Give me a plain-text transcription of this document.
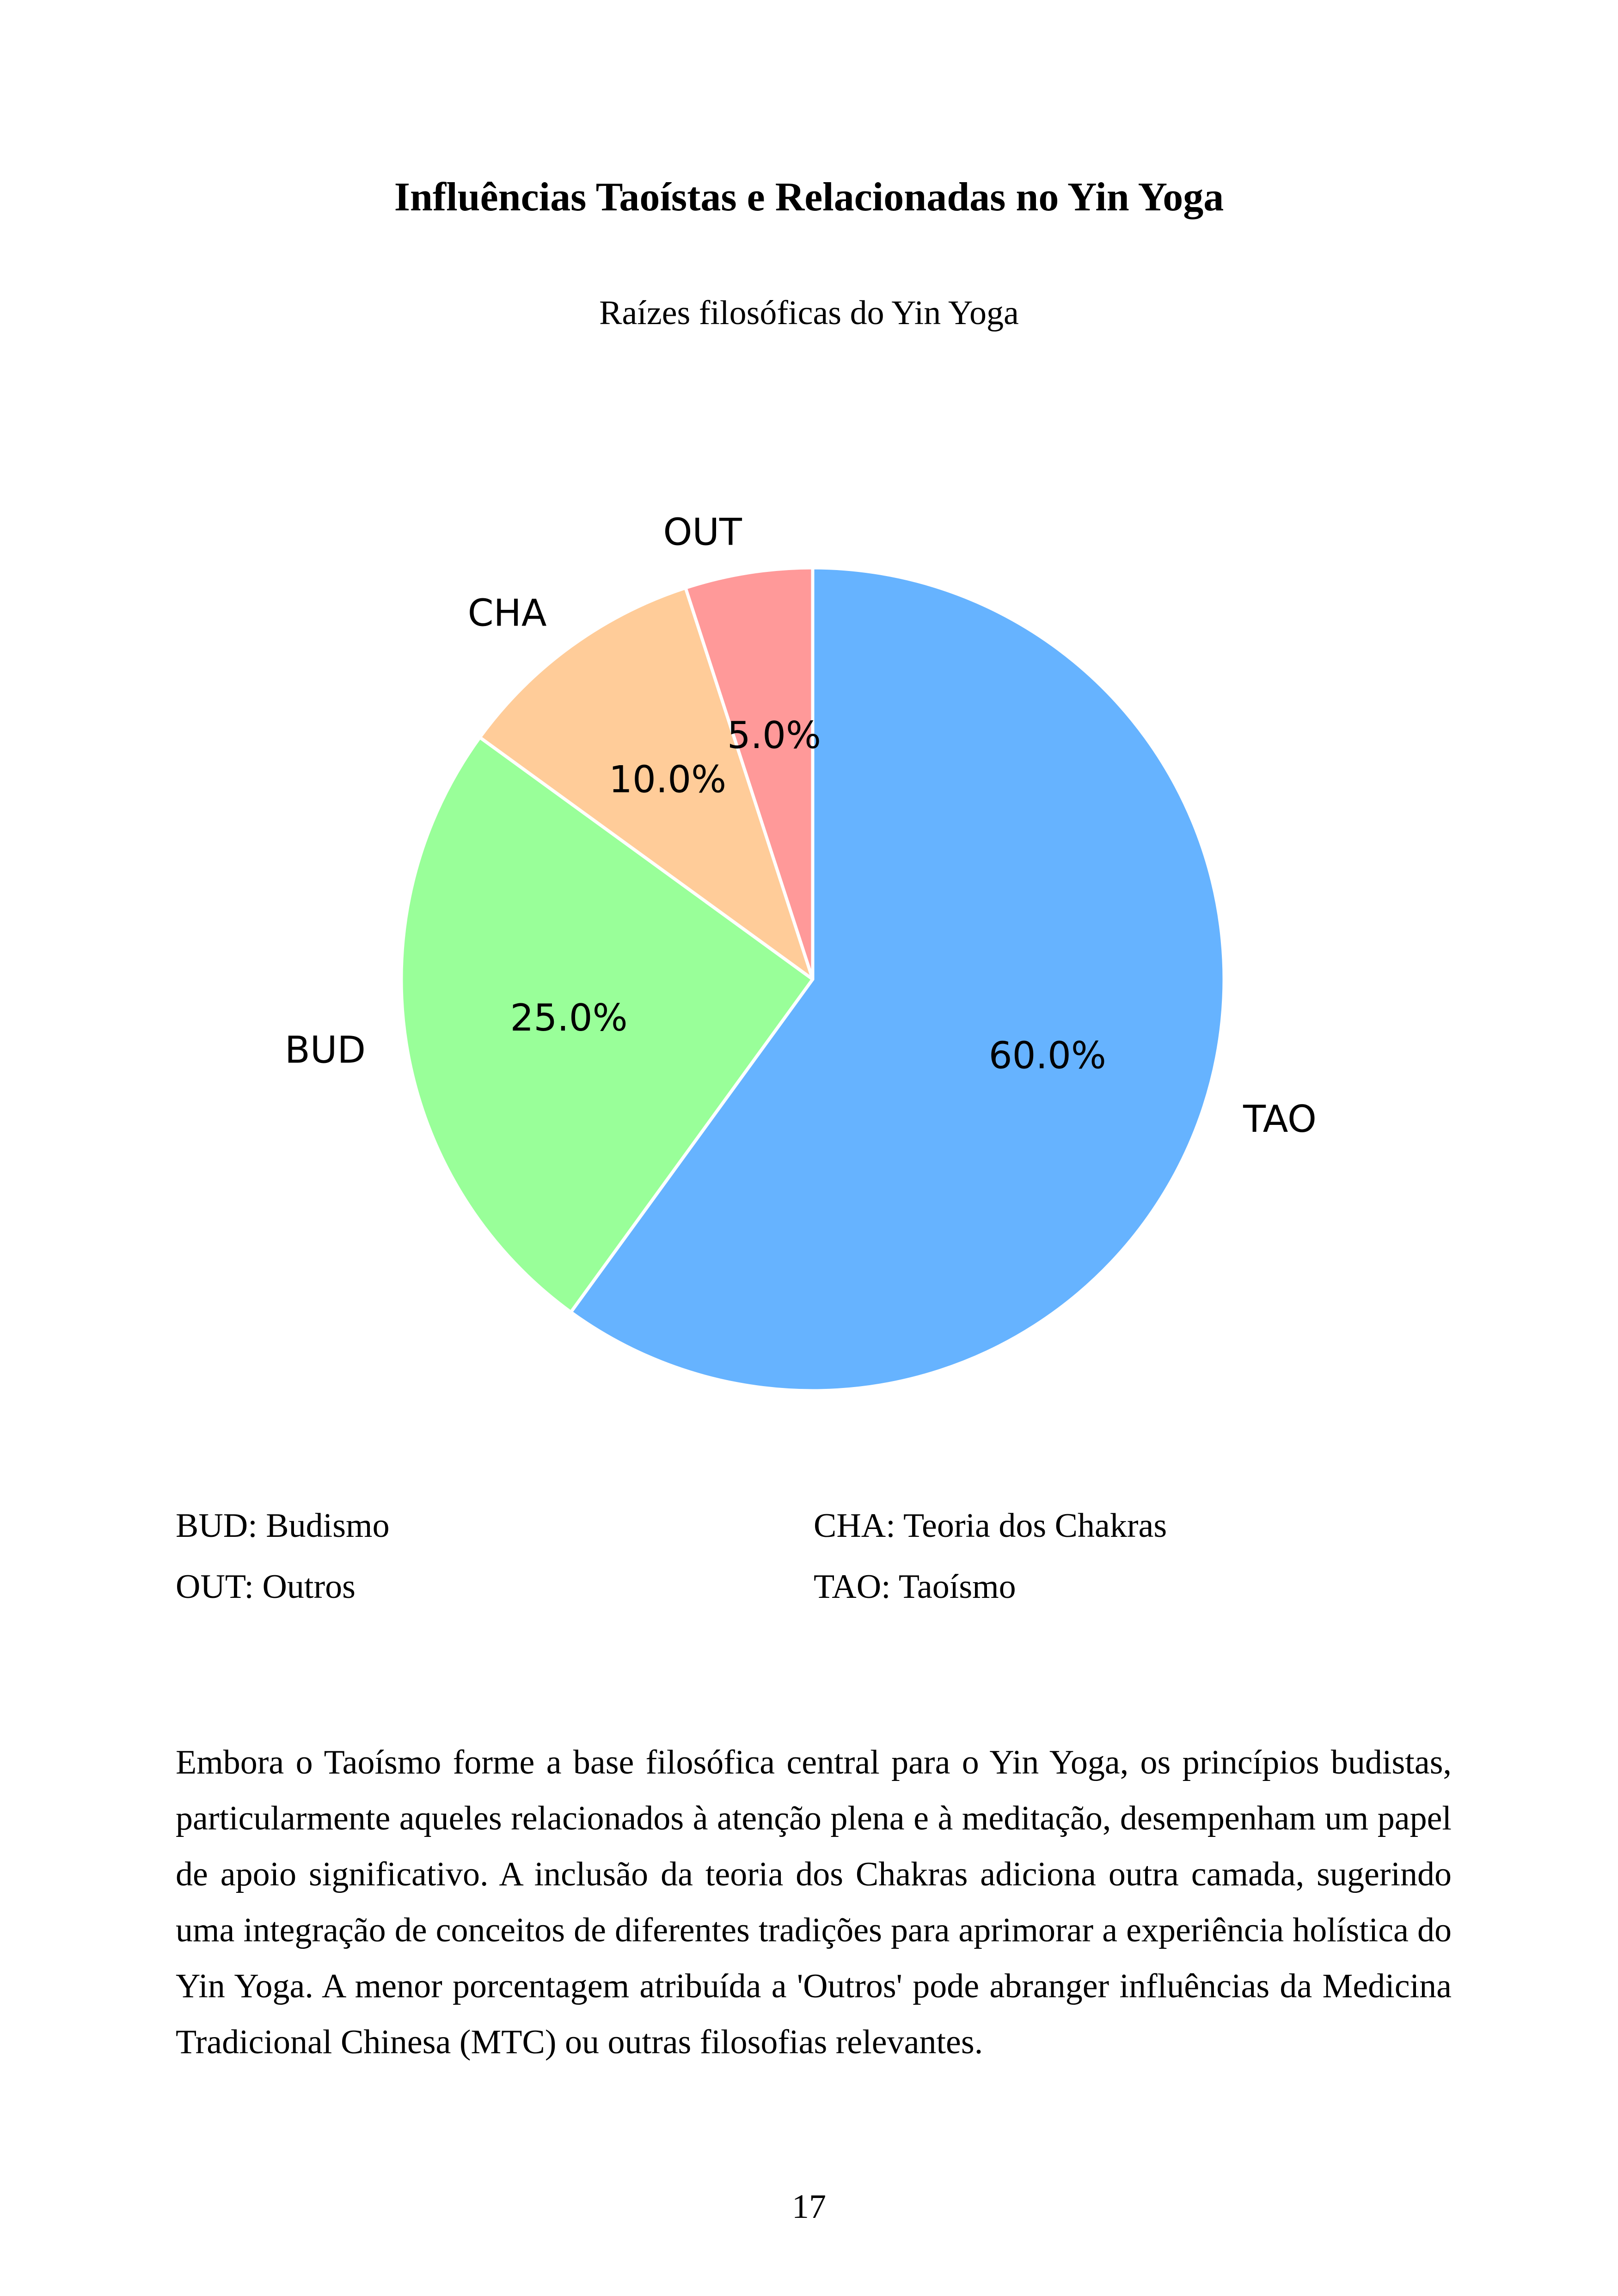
Influências Taoístas e Relacionadas no Yin Yoga
Raízes filosóficas do Yin Yoga
60.0%
TAO
25.0%
BUD
10.0%
CHA
5.0%
OUT
BUD: Budismo	CHA: Teoria dos Chakras
OUT: Outros	TAO: Taoísmo

Embora o Taoísmo forme a base filosófica central para o Yin Yoga, os princípios budistas, particularmente aqueles relacionados à atenção plena e à meditação, desempenham um papel de apoio significativo. A inclusão da teoria dos Chakras adiciona outra camada, sugerindo uma integração de conceitos de diferentes tradições para aprimorar a experiência holística do Yin Yoga. A menor porcentagem atribuída a 'Outros' pode abranger influências da Medicina Tradicional Chinesa (MTC) ou outras filosofias relevantes.

17
